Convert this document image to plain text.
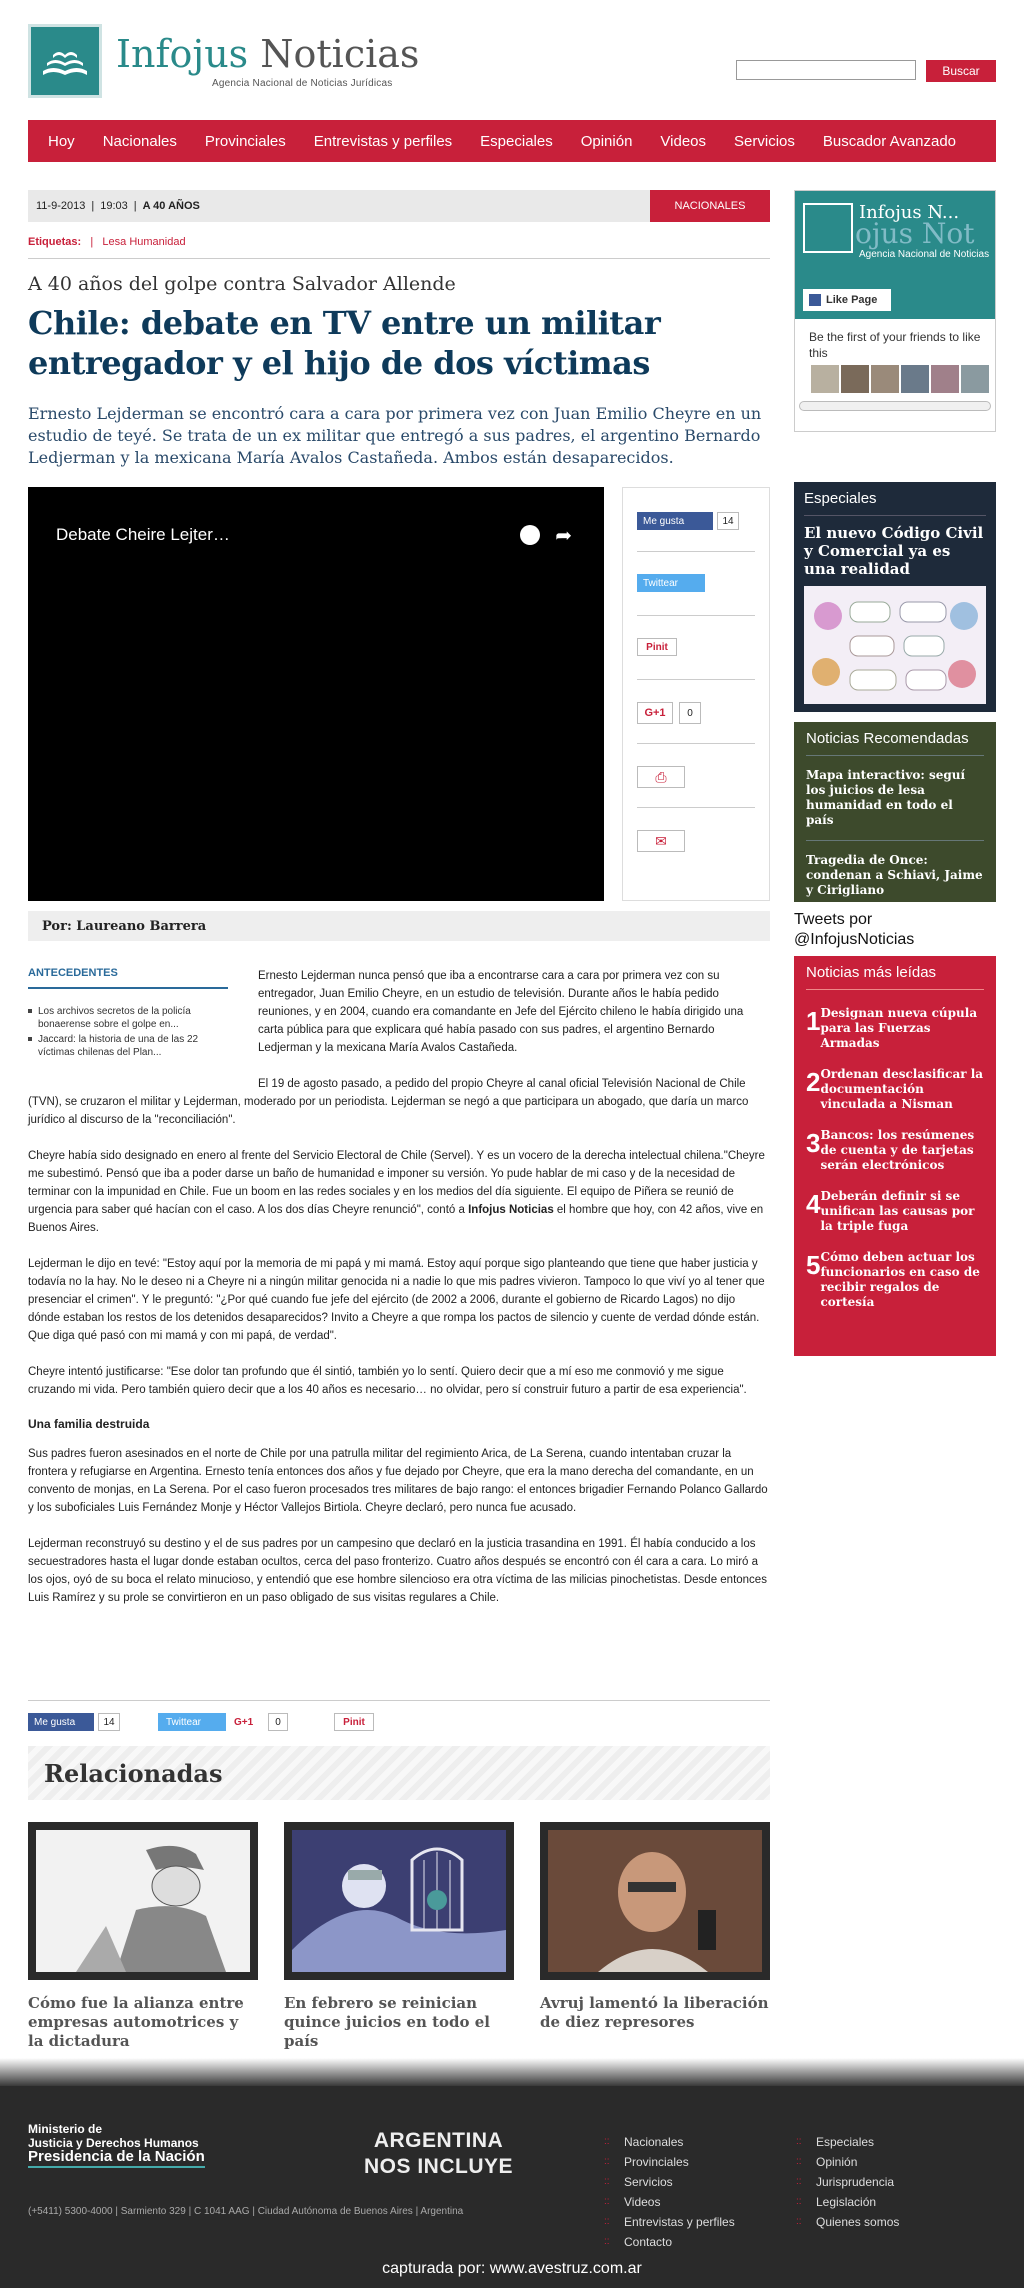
Infojus Noticias
Agencia Nacional de Noticias Jurídicas
Buscar
Hoy	Nacionales	Provinciales	Entrevistas y perfiles	Especiales	Opinión	Videos	Servicios	Buscador Avanzado
11-9-2013 | 19:03 | A 40 AÑOS	NACIONALES
Etiquetas:   |   Lesa Humanidad
A 40 años del golpe contra Salvador Allende
Chile: debate en TV entre un militar entregador y el hijo de dos víctimas
Ernesto Lejderman se encontró cara a cara por primera vez con Juan Emilio Cheyre en un estudio de teyé. Se trata de un ex militar que entregó a sus padres, el argentino Bernardo Ledjerman y la mexicana María Avalos Castañeda. Ambos están desaparecidos.
Debate Cheire Lejter…	➦
Me gusta	14
Twittear
Pinit
G+1	0
⎙
✉
Por: Laureano Barrera
ANTECEDENTES
Los archivos secretos de la policía bonaerense sobre el golpe en...
Jaccard: la historia de una de las 22 víctimas chilenas del Plan...

Ernesto Lejderman nunca pensó que iba a encontrarse cara a cara por primera vez con su entregador, Juan Emilio Cheyre, en un estudio de televisión. Durante años le había pedido reuniones, y en 2004, cuando era comandante en Jefe del Ejército chileno le había dirigido una carta pública para que explicara qué había pasado con sus padres, el argentino Bernardo Ledjerman y la mexicana María Avalos Castañeda.

El 19 de agosto pasado, a pedido del propio Cheyre al canal oficial Televisión Nacional de Chile (TVN), se cruzaron el militar y Lejderman, moderado por un periodista. Lejderman se negó a que participara un abogado, que daría un marco jurídico al discurso de la "reconciliación".

Cheyre había sido designado en enero al frente del Servicio Electoral de Chile (Servel). Y es un vocero de la derecha intelectual chilena."Cheyre me subestimó. Pensó que iba a poder darse un baño de humanidad e imponer su versión. Yo pude hablar de mi caso y de la necesidad de terminar con la impunidad en Chile. Fue un boom en las redes sociales y en los medios del día siguiente. El equipo de Piñera se reunió de urgencia para saber qué hacían con el caso. A los dos días Cheyre renunció", contó a Infojus Noticias el hombre que hoy, con 42 años, vive en Buenos Aires.

Lejderman le dijo en tevé: "Estoy aquí por la memoria de mi papá y mi mamá. Estoy aquí porque sigo planteando que tiene que haber justicia y todavía no la hay. No le deseo ni a Cheyre ni a ningún militar genocida ni a nadie lo que mis padres vivieron. Tampoco lo que viví yo al tener que presenciar el crimen". Y le preguntó: "¿Por qué cuando fue jefe del ejército (de 2002 a 2006, durante el gobierno de Ricardo Lagos) no dijo dónde estaban los restos de los detenidos desaparecidos? Invito a Cheyre a que rompa los pactos de silencio y cuente de verdad dónde están. Que diga qué pasó con mi mamá y con mi papá, de verdad".

Cheyre intentó justificarse: "Ese dolor tan profundo que él sintió, también yo lo sentí. Quiero decir que a mí eso me conmovió y me sigue cruzando mi vida. Pero también quiero decir que a los 40 años es necesario… no olvidar, pero sí construir futuro a partir de esa experiencia".

Una familia destruida

Sus padres fueron asesinados en el norte de Chile por una patrulla militar del regimiento Arica, de La Serena, cuando intentaban cruzar la frontera y refugiarse en Argentina. Ernesto tenía entonces dos años y fue dejado por Cheyre, que era la mano derecha del comandante, en un convento de monjas, en La Serena. Por el caso fueron procesados tres militares de bajo rango: el entonces brigadier Fernando Polanco Gallardo y los suboficiales Luis Fernández Monje y Héctor Vallejos Birtiola. Cheyre declaró, pero nunca fue acusado.

Lejderman reconstruyó su destino y el de sus padres por un campesino que declaró en la justicia trasandina en 1991. Él había conducido a los secuestradores hasta el lugar donde estaban ocultos, cerca del paso fronterizo. Cuatro años después se encontró con él cara a cara. Lo miró a los ojos, oyó de su boca el relato minucioso, y entendió que ese hombre silencioso era otra víctima de las milicias pinochetistas. Desde entonces Luis Ramírez y su prole se convirtieron en un paso obligado de sus visitas regulares a Chile.

Me gusta	14	Twittear	G+1	0	Pinit
Relacionadas
Cómo fue la alianza entre empresas automotrices y la dictadura
En febrero se reinician quince juicios en todo el país
Avruj lamentó la liberación de diez represores
ojus Not
Infojus N...
Agencia Nacional de Noticias
Like Page
Be the first of your friends to like this
Especiales
El nuevo Código Civil y Comercial ya es una realidad
Noticias Recomendadas
Mapa interactivo: seguí los juicios de lesa humanidad en todo el país
Tragedia de Once: condenan a Schiavi, Jaime y Cirigliano
Tweets por @InfojusNoticias
Noticias más leídas
1 Designan nueva cúpula para las Fuerzas Armadas
2 Ordenan desclasificar la documentación vinculada a Nisman
3 Bancos: los resúmenes de cuenta y de tarjetas serán electrónicos
4 Deberán definir si se unifican las causas por la triple fuga
5 Cómo deben actuar los funcionarios en caso de recibir regalos de cortesía
Ministerio de
Justicia y Derechos Humanos
Presidencia de la Nación
ARGENTINA
NOS INCLUYE
(+5411) 5300-4000 | Sarmiento 329 | C 1041 AAG | Ciudad Autónoma de Buenos Aires | Argentina
:: Nacionales
:: Provinciales
:: Servicios
:: Videos
:: Entrevistas y perfiles
:: Contacto
:: Especiales
:: Opinión
:: Jurisprudencia
:: Legislación
:: Quienes somos
capturada por: www.avestruz.com.ar
